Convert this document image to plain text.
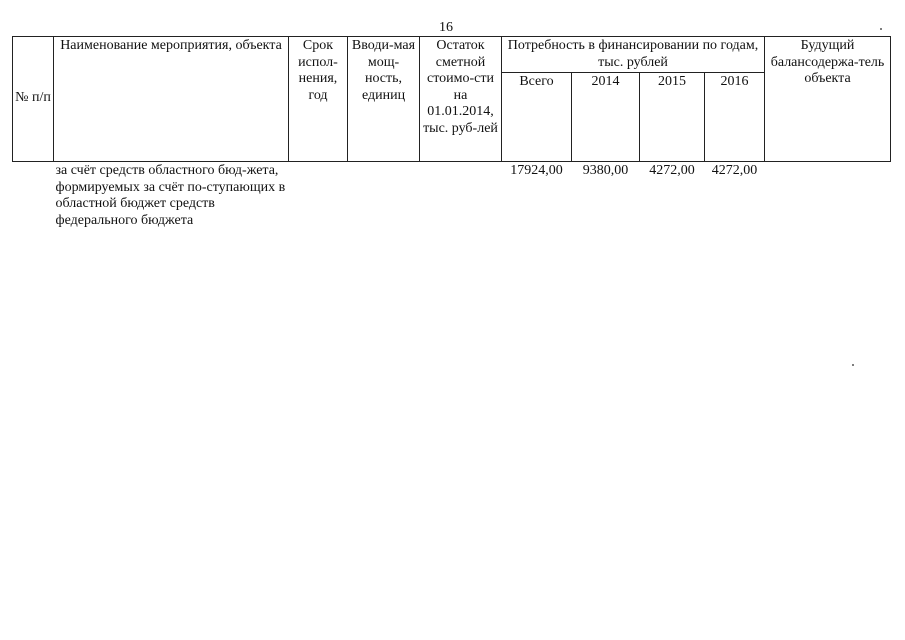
16
№ п/п	Наименование мероприятия, объекта	Срок испол-нения, год	Вводи-мая мощ-ность, единиц	Остаток сметной стоимо-сти на 01.01.2014, тыс. руб-лей	Потребность в финансировании по годам, тыс. рублей				Будущий балансодержа-тель объекта
					Всего	2014	2015	2016	
	за счёт средств областного бюд-жета, формируемых за счёт по-ступающих в областной бюджет средств федерального бюджета				17924,00	9380,00	4272,00	4272,00	
